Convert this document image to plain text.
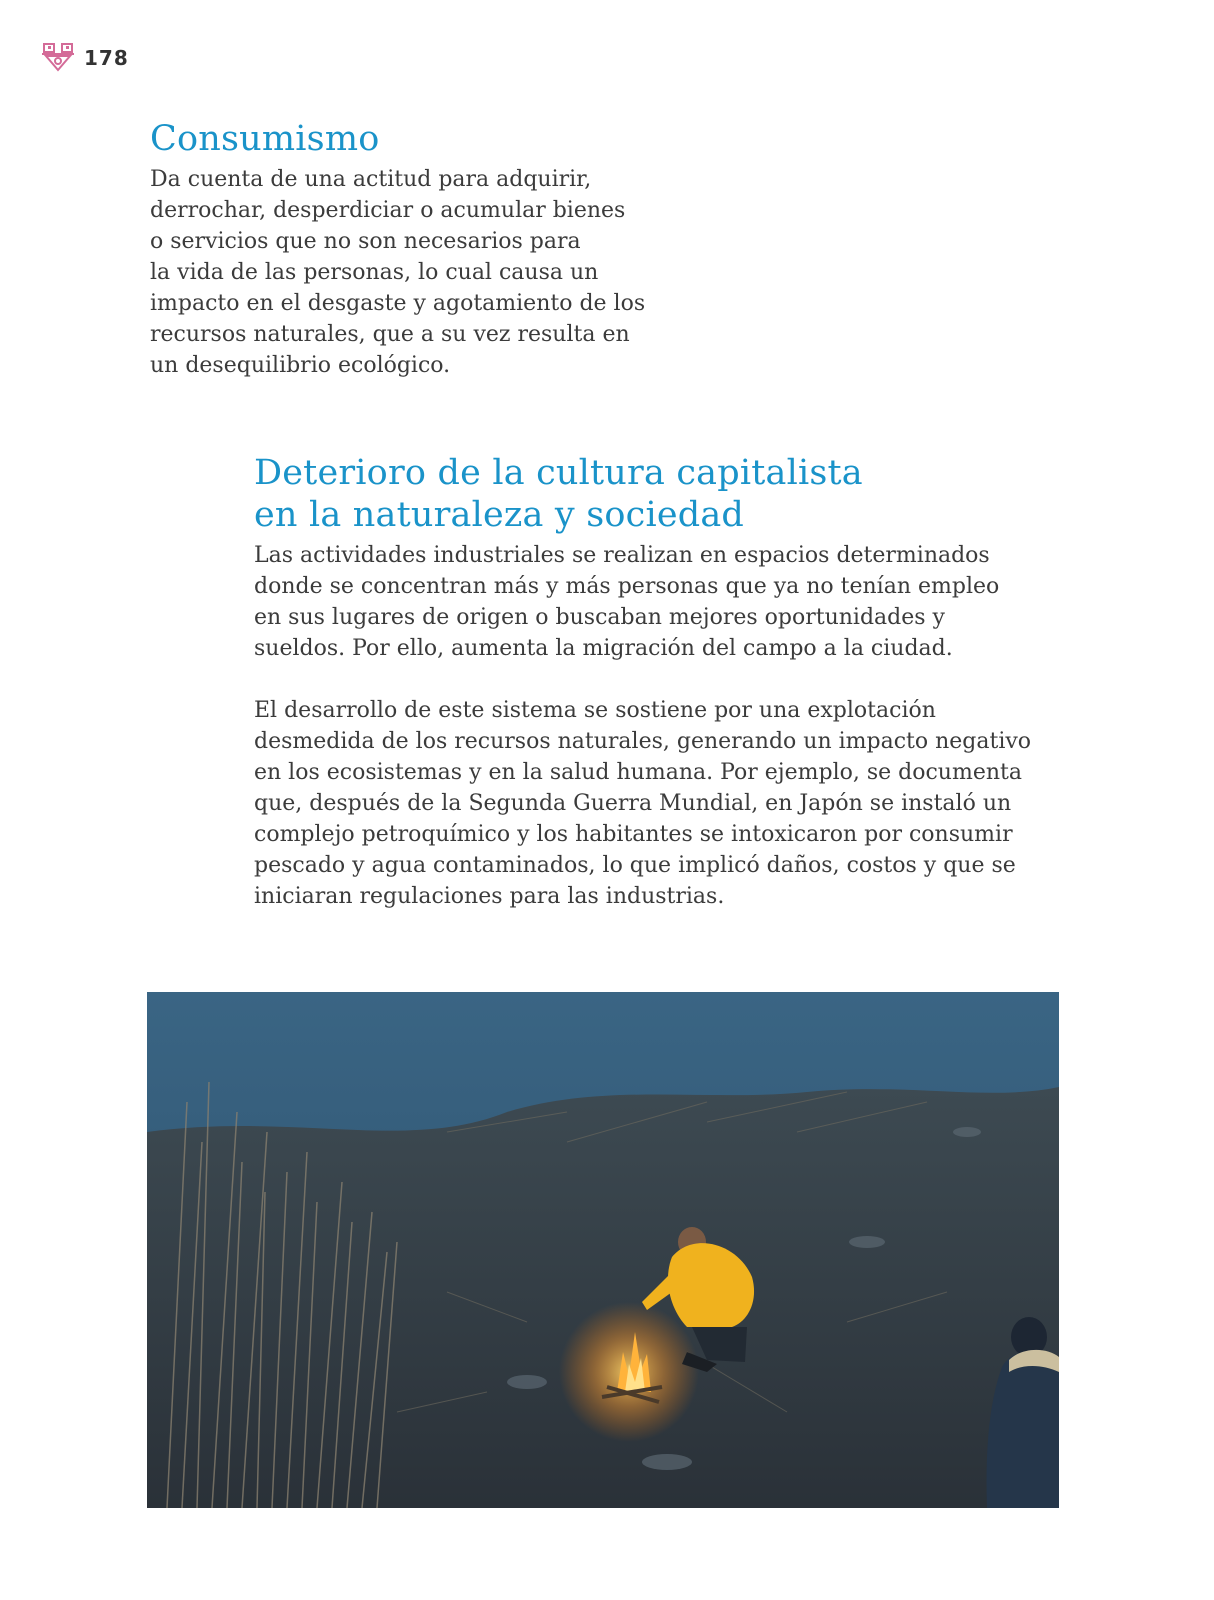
178
Consumismo

Da cuenta de una actitud para adquirir,
derrochar, desperdiciar o acumular bienes
o servicios que no son necesarios para
la vida de las personas, lo cual causa un
impacto en el desgaste y agotamiento de los
recursos naturales, que a su vez resulta en
un desequilibrio ecológico.

Deterioro de la cultura capitalista
en la naturaleza y sociedad

Las actividades industriales se realizan en espacios determinados
donde se concentran más y más personas que ya no tenían empleo
en sus lugares de origen o buscaban mejores oportunidades y
sueldos. Por ello, aumenta la migración del campo a la ciudad.

El desarrollo de este sistema se sostiene por una explotación
desmedida de los recursos naturales, generando un impacto negativo
en los ecosistemas y en la salud humana. Por ejemplo, se documenta
que, después de la Segunda Guerra Mundial, en Japón se instaló un
complejo petroquímico y los habitantes se intoxicaron por consumir
pescado y agua contaminados, lo que implicó daños, costos y que se
iniciaran regulaciones para las industrias.
